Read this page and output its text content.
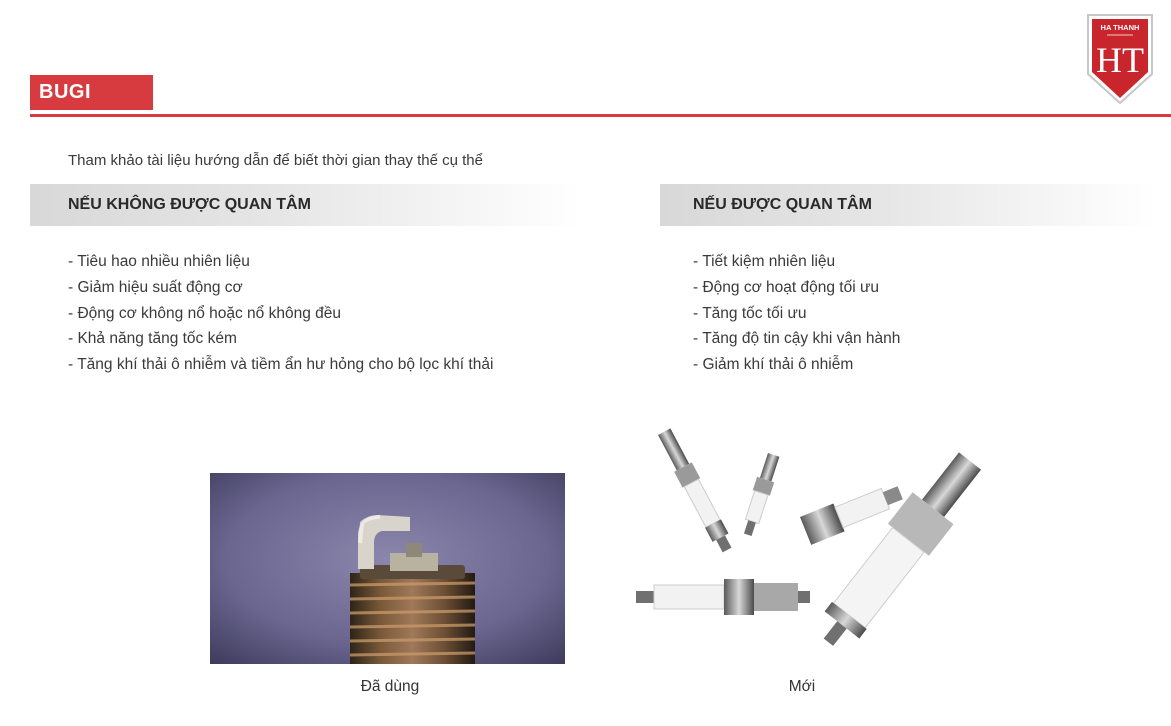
BUGI
HA THANH
HT
Tham khảo tài liệu hướng dẫn để biết thời gian thay thế cụ thể
NẾU KHÔNG ĐƯỢC QUAN TÂM	NẾU ĐƯỢC QUAN TÂM
- Tiêu hao nhiều nhiên liệu
- Giảm hiệu suất động cơ
- Động cơ không nổ hoặc nổ không đều
- Khả năng tăng tốc kém
- Tăng khí thải ô nhiễm và tiềm ẩn hư hỏng cho bộ lọc khí thải
- Tiết kiệm nhiên liệu
- Động cơ hoạt động tối ưu
- Tăng tốc tối ưu
- Tăng độ tin cậy khi vận hành
- Giảm khí thải ô nhiễm
Đã dùng	Mới
